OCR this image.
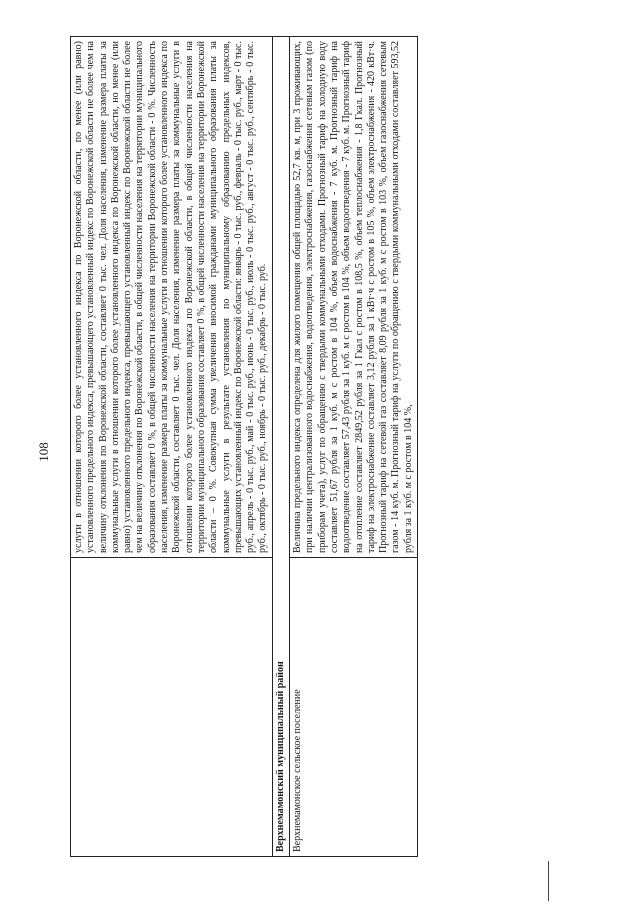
108
	услуги в отношении которого более установленного индекса по Воронежской области, по менее (или равно) установленного предельного индекса, превышающего установленный индекс по Воронежской области не более чем на величину отклонения по Воронежской области, составляет 0 тыс. чел. Доля населения, изменение размера платы за коммунальные услуги в отношении которого более установленного индекса по Воронежской области, но менее (или равно) установленного предельного индекса, превышающего установленный индекс по Воронежской области не более чем на величину отклонения по Воронежской области, в общей численности населения на территории муниципального образования составляет 0 %, в общей численности населения на территории Воронежской области - 0 %. Численность населения, изменение размера платы за коммунальные услуги в отношении которого более установленного индекса по Воронежской области, составляет 0 тыс. чел. Доля населения, изменение размера платы за коммунальные услуги в отношении которого более установленного индекса по Воронежской области, в общей численности населения на территории муниципального образования составляет 0 %, в общей численности населения на территории Воронежской области – 0 %. Совокупная сумма увеличения вносимой гражданами муниципального образования платы за коммунальные услуги в результате установления по муниципальному образованию предельных индексов, превышающих установленный индекс по Воронежской области: январь - 0 тыс. руб., февраль - 0 тыс. руб., март - 0 тыс. руб., апрель - 0 тыс. руб., май - 0 тыс. руб., июнь - 0 тыс. руб., июль - 0 тыс. руб., август - 0 тыс. руб., сентябрь - 0 тыс. руб., октябрь - 0 тыс. руб., ноябрь - 0 тыс. руб., декабрь - 0 тыс. руб.
Верхнемамонский муниципальный район	
Верхнемамонское сельское поселение	Величина предельного индекса определена для жилого помещения общей площадью 52,7 кв. м, при 3 проживающих, при наличии централизованного водоснабжения, водоотведения, электроснабжения, газоснабжения сетевым газом (по приборам учета), услуг по обращению с твердыми коммунальными отходами. Прогнозный тариф на холодную воду составляет 51,67 рубля за 1 куб. м с ростом в 104 %, объем водоснабжения - 7 куб. м. Прогнозный тариф на водоотведение составляет 57,43 рубля за 1 куб. м с ростом в 104 %, объем водоотведения - 7 куб. м. Прогнозный тариф на отопление составляет 2849,52 рубля за 1 Гкал с ростом в 108,5 %, объем теплоснабжения - 1,8 Гкал. Прогнозный тариф на электроснабжение составляет 3,12 рубля за 1 кВт·ч с ростом в 105 %, объем электроснабжения - 420 кВт·ч. Прогнозный тариф на сетевой газ составляет 8,09 рубля за 1 куб. м с ростом в 103 %, объем газоснабжения сетевым газом - 14 куб. м. Прогнозный тариф на услуги по обращению с твердыми коммунальными отходами составляет 593,52 рубля за 1 куб. м с ростом в 104 %,
